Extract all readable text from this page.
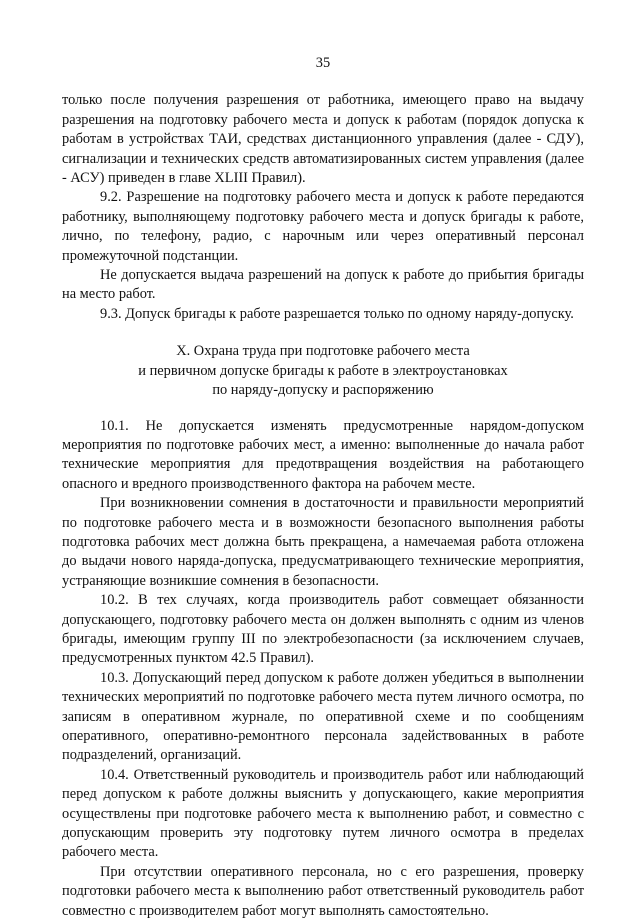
35

только после получения разрешения от работника, имеющего право на выдачу разрешения на подготовку рабочего места и допуск к работам (порядок допуска к работам в устройствах ТАИ, средствах дистанционного управления (далее - СДУ), сигнализации и технических средств автоматизированных систем управления (далее - АСУ) приведен в главе XLIII Правил).

9.2. Разрешение на подготовку рабочего места и допуск к работе передаются работнику, выполняющему подготовку рабочего места и допуск бригады к работе, лично, по телефону, радио, с нарочным или через оперативный персонал промежуточной подстанции.

Не допускается выдача разрешений на допуск к работе до прибытия бригады на место работ.

9.3. Допуск бригады к работе разрешается только по одному наряду-допуску.

X. Охрана труда при подготовке рабочего места
и первичном допуске бригады к работе в электроустановках
по наряду-допуску и распоряжению

10.1. Не допускается изменять предусмотренные нарядом-допуском мероприятия по подготовке рабочих мест, а именно: выполненные до начала работ технические мероприятия для предотвращения воздействия на работающего опасного и вредного производственного фактора на рабочем месте.

При возникновении сомнения в достаточности и правильности мероприятий по подготовке рабочего места и в возможности безопасного выполнения работы подготовка рабочих мест должна быть прекращена, а намечаемая работа отложена до выдачи нового наряда-допуска, предусматривающего технические мероприятия, устраняющие возникшие сомнения в безопасности.

10.2. В тех случаях, когда производитель работ совмещает обязанности допускающего, подготовку рабочего места он должен выполнять с одним из членов бригады, имеющим группу III по электробезопасности (за исключением случаев, предусмотренных пунктом 42.5 Правил).

10.3. Допускающий перед допуском к работе должен убедиться в выполнении технических мероприятий по подготовке рабочего места путем личного осмотра, по записям в оперативном журнале, по оперативной схеме и по сообщениям оперативного, оперативно-ремонтного персонала задействованных в работе подразделений, организаций.

10.4. Ответственный руководитель и производитель работ или наблюдающий перед допуском к работе должны выяснить у допускающего, какие мероприятия осуществлены при подготовке рабочего места к выполнению работ, и совместно с допускающим проверить эту подготовку путем личного осмотра в пределах рабочего места.

При отсутствии оперативного персонала, но с его разрешения, проверку подготовки рабочего места к выполнению работ ответственный руководитель работ совместно с производителем работ могут выполнять самостоятельно.
